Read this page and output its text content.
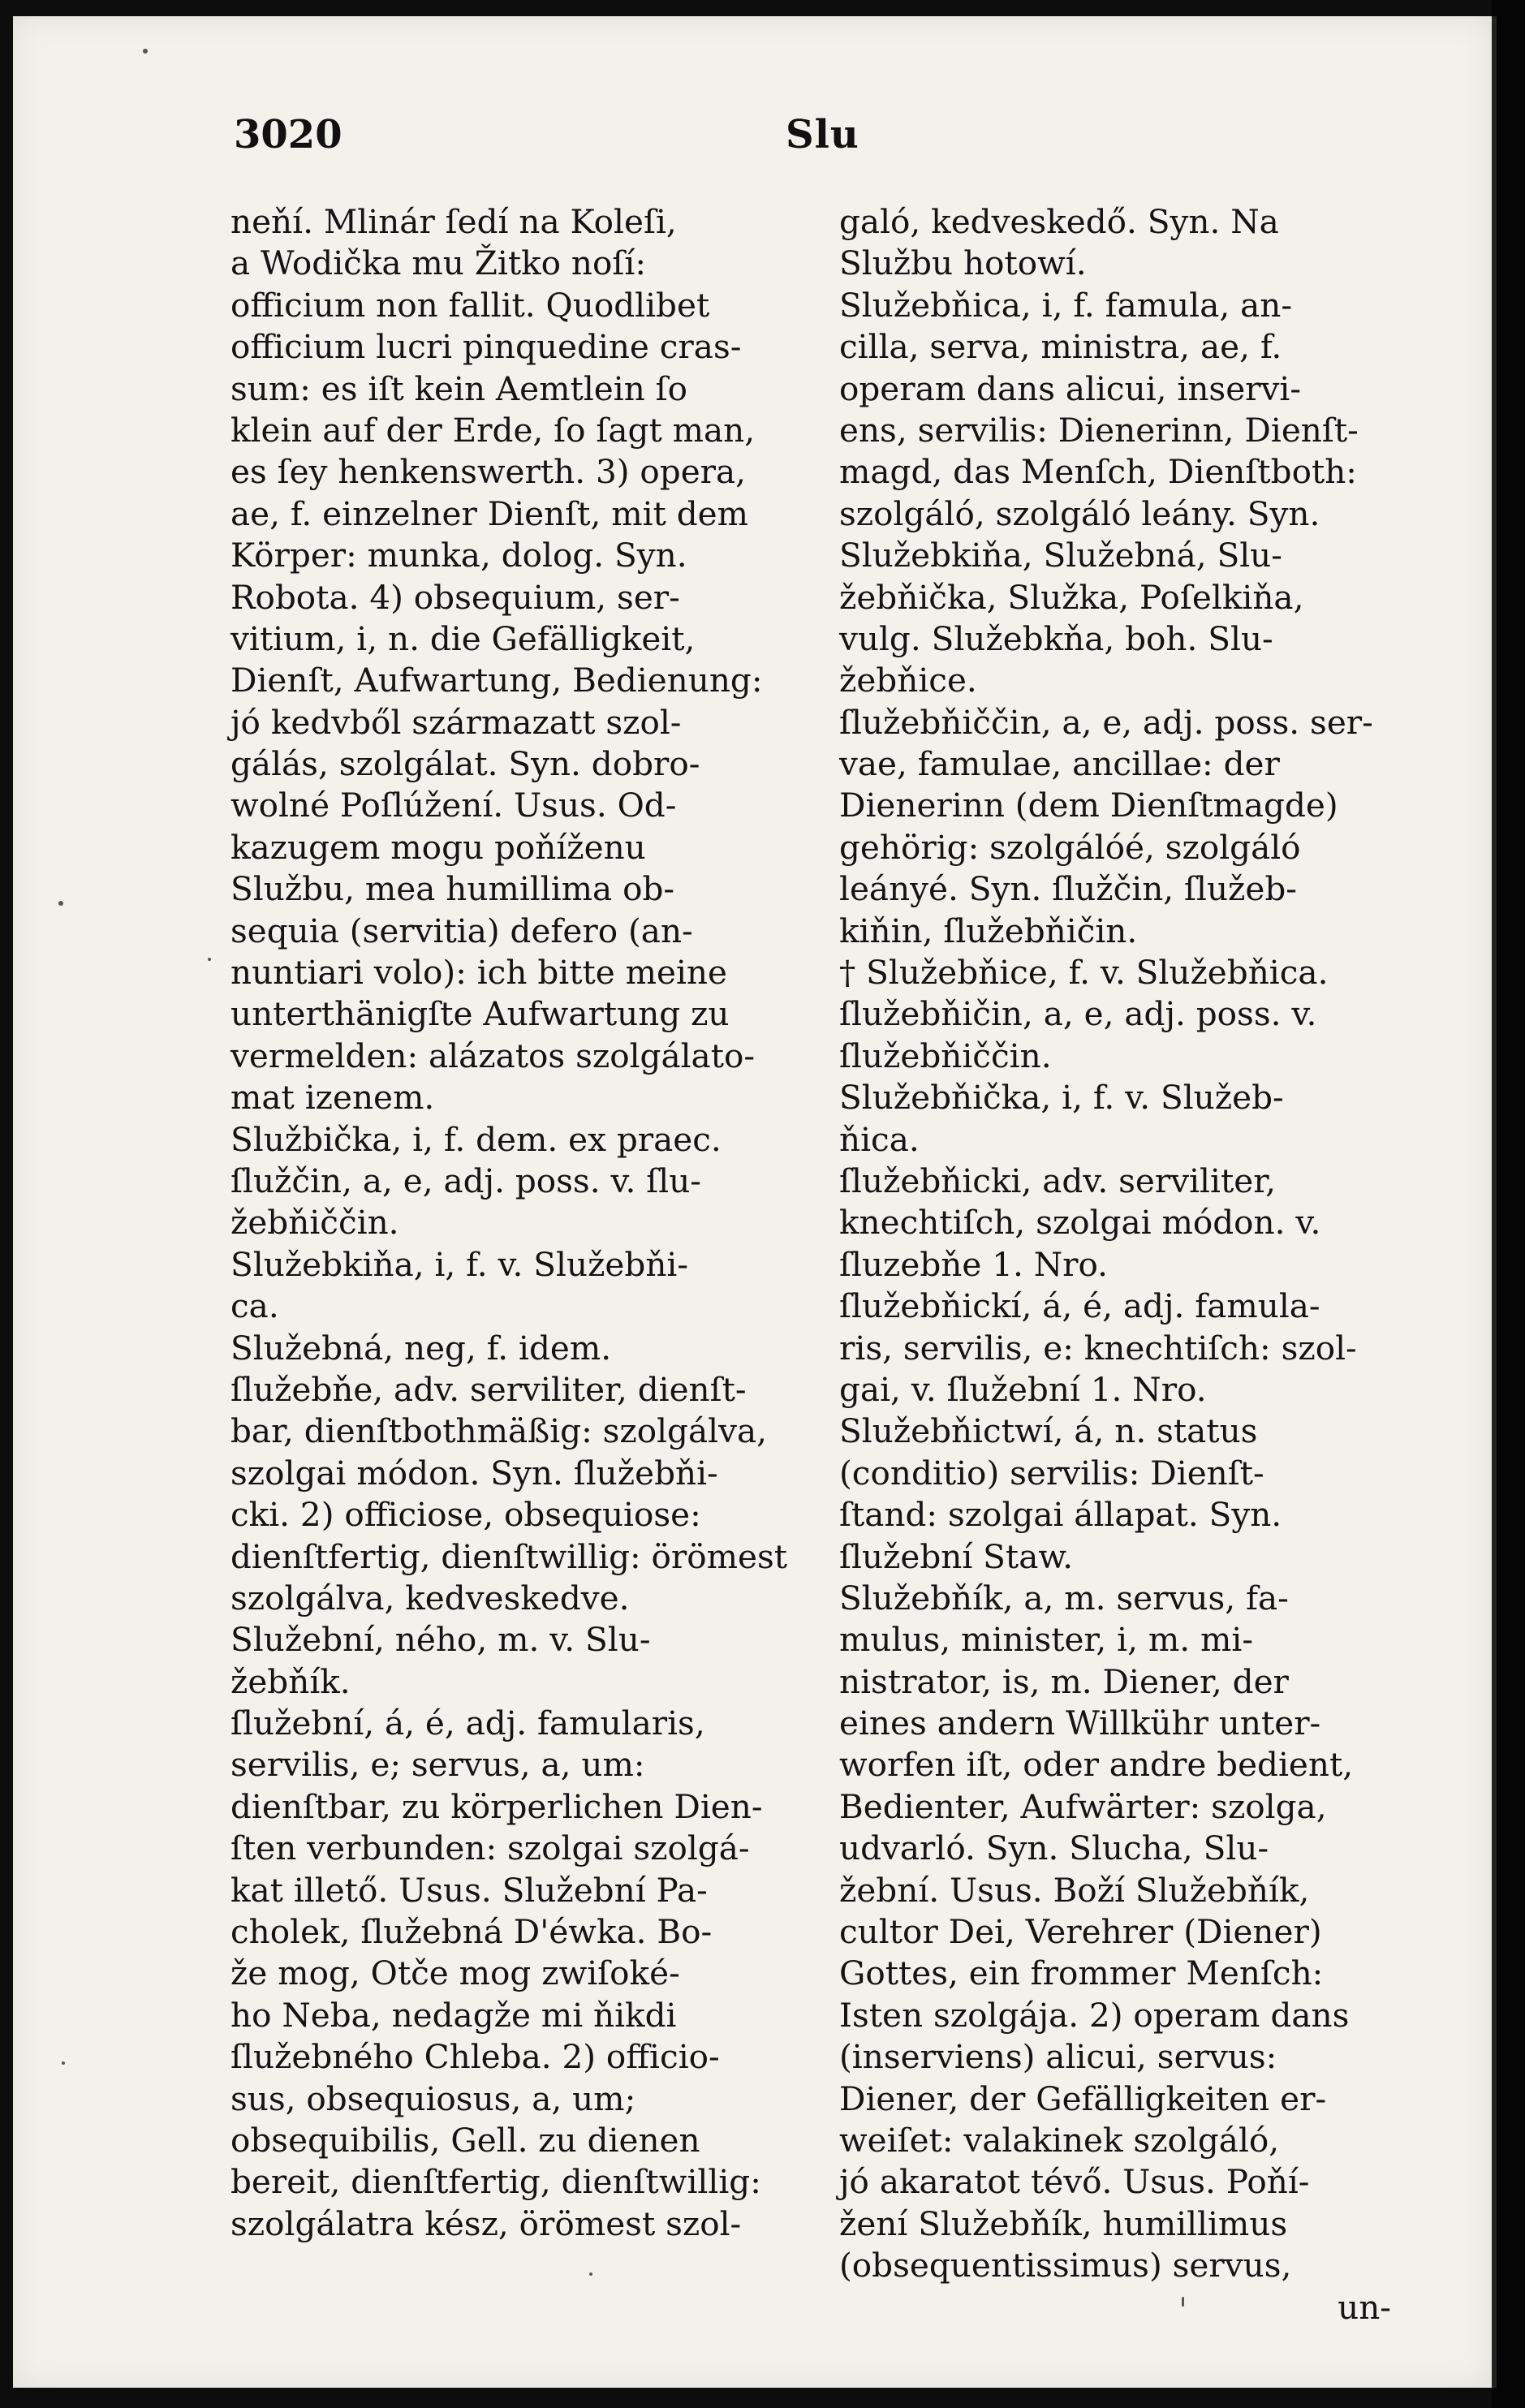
3020	Slu
neňí. Mlinár ſedí na Koleſi,
a Wodička mu Žitko noſí:
officium non fallit. Quodlibet
officium lucri pinquedine cras-
sum: es iſt kein Aemtlein ſo
klein auf der Erde, ſo ſagt man,
es ſey henkenswerth. 3) opera,
ae, f. einzelner Dienſt, mit dem
Körper: munka, dolog. Syn.
Robota. 4) obsequium, ser-
vitium, i, n. die Gefälligkeit,
Dienſt, Aufwartung, Bedienung:
jó kedvből származatt szol-
gálás, szolgálat. Syn. dobro-
wolné Poſlúžení. Usus. Od-
kazugem mogu poňíženu
Službu, mea humillima ob-
sequia (servitia) defero (an-
nuntiari volo): ich bitte meine
unterthänigſte Aufwartung zu
vermelden: alázatos szolgálato-
mat izenem.
Službička, i, f. dem. ex praec.
ſlužčin, a, e, adj. poss. v. ſlu-
žebňiččin.
Služebkiňa, i, f. v. Služebňi-
ca.
Služebná, neg, f. idem.
ſlužebňe, adv. serviliter, dienſt-
bar, dienſtbothmäßig: szolgálva,
szolgai módon. Syn. ſlužebňi-
cki. 2) officiose, obsequiose:
dienſtfertig, dienſtwillig: örömest
szolgálva, kedveskedve.
Služební, ného, m. v. Slu-
žebňík.
ſlužební, á, é, adj. famularis,
servilis, e; servus, a, um:
dienſtbar, zu körperlichen Dien-
ſten verbunden: szolgai szolgá-
kat illető. Usus. Služební Pa-
cholek, ſlužebná D'éwka. Bo-
že mog, Otče mog zwiſoké-
ho Neba, nedagže mi ňikdi
ſlužebného Chleba. 2) officio-
sus, obsequiosus, a, um;
obsequibilis, Gell. zu dienen
bereit, dienſtfertig, dienſtwillig:
szolgálatra kész, örömest szol-
galó, kedveskedő. Syn. Na
Službu hotowí.
Služebňica, i, f. famula, an-
cilla, serva, ministra, ae, f.
operam dans alicui, inservi-
ens, servilis: Dienerinn, Dienſt-
magd, das Menſch, Dienſtboth:
szolgáló, szolgáló leány. Syn.
Služebkiňa, Služebná, Slu-
žebňička, Služka, Poſelkiňa,
vulg. Služebkňa, boh. Slu-
žebňice.
ſlužebňiččin, a, e, adj. poss. ser-
vae, famulae, ancillae: der
Dienerinn (dem Dienſtmagde)
gehörig: szolgálóé, szolgáló
leányé. Syn. ſlužčin, ſlužeb-
kiňin, ſlužebňičin.
† Služebňice, f. v. Služebňica.
ſlužebňičin, a, e, adj. poss. v.
ſlužebňiččin.
Služebňička, i, f. v. Služeb-
ňica.
ſlužebňicki, adv. serviliter,
knechtiſch, szolgai módon. v.
ſluzebňe 1. Nro.
ſlužebňickí, á, é, adj. famula-
ris, servilis, e: knechtiſch: szol-
gai, v. ſlužební 1. Nro.
Služebňictwí, á, n. status
(conditio) servilis: Dienſt-
ſtand: szolgai állapat. Syn.
ſlužební Staw.
Služebňík, a, m. servus, fa-
mulus, minister, i, m. mi-
nistrator, is, m. Diener, der
eines andern Willkühr unter-
worfen iſt, oder andre bedient,
Bedienter, Aufwärter: szolga,
udvarló. Syn. Slucha, Slu-
žební. Usus. Boží Služebňík,
cultor Dei, Verehrer (Diener)
Gottes, ein frommer Menſch:
Isten szolgája. 2) operam dans
(inserviens) alicui, servus:
Diener, der Gefälligkeiten er-
weiſet: valakinek szolgáló,
jó akaratot tévő. Usus. Poňí-
žení Služebňík, humillimus
(obsequentissimus) servus,
un-
